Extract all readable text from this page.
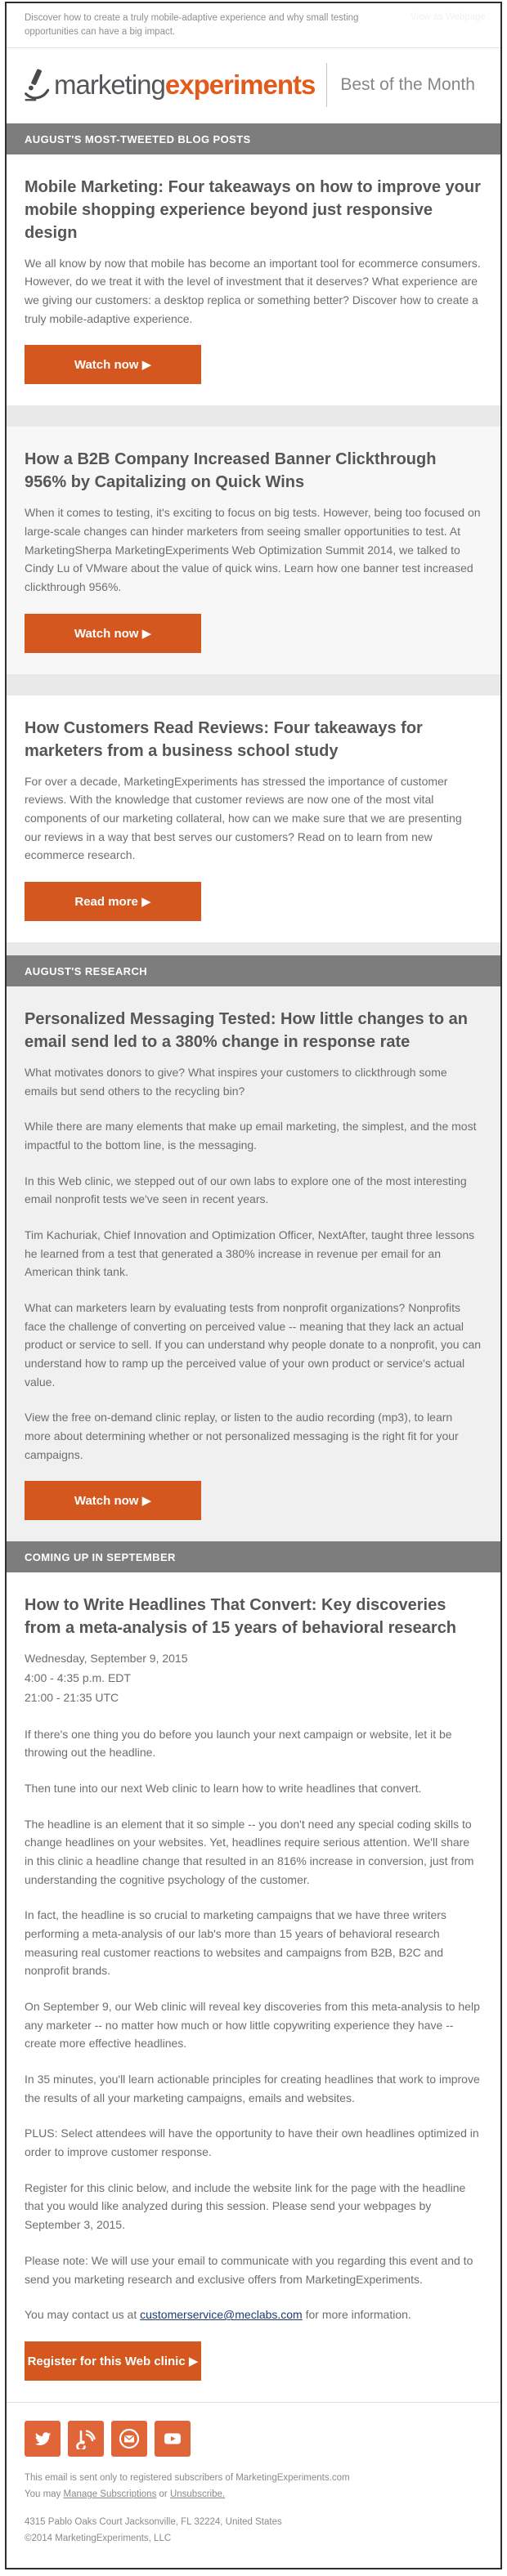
Discover how to create a truly mobile-adaptive experience and why small testing opportunities can have a big impact.
View as Webpage
marketingexperiments Best of the Month
AUGUST'S MOST-TWEETED BLOG POSTS
Mobile Marketing: Four takeaways on how to improve your mobile shopping experience beyond just responsive design

We all know by now that mobile has become an important tool for ecommerce consumers. However, do we treat it with the level of investment that it deserves? What experience are we giving our customers: a desktop replica or something better? Discover how to create a truly mobile-adaptive experience.

Watch now ▶
How a B2B Company Increased Banner Clickthrough 956% by Capitalizing on Quick Wins

When it comes to testing, it's exciting to focus on big tests. However, being too focused on large-scale changes can hinder marketers from seeing smaller opportunities to test. At MarketingSherpa MarketingExperiments Web Optimization Summit 2014, we talked to Cindy Lu of VMware about the value of quick wins. Learn how one banner test increased clickthrough 956%.

Watch now ▶
How Customers Read Reviews: Four takeaways for marketers from a business school study

For over a decade, MarketingExperiments has stressed the importance of customer reviews. With the knowledge that customer reviews are now one of the most vital components of our marketing collateral, how can we make sure that we are presenting our reviews in a way that best serves our customers? Read on to learn from new ecommerce research.

Read more ▶
AUGUST'S RESEARCH
Personalized Messaging Tested: How little changes to an email send led to a 380% change in response rate

What motivates donors to give? What inspires your customers to clickthrough some emails but send others to the recycling bin?

While there are many elements that make up email marketing, the simplest, and the most impactful to the bottom line, is the messaging.

In this Web clinic, we stepped out of our own labs to explore one of the most interesting email nonprofit tests we've seen in recent years.

Tim Kachuriak, Chief Innovation and Optimization Officer, NextAfter, taught three lessons he learned from a test that generated a 380% increase in revenue per email for an American think tank.

What can marketers learn by evaluating tests from nonprofit organizations? Nonprofits face the challenge of converting on perceived value -- meaning that they lack an actual product or service to sell. If you can understand why people donate to a nonprofit, you can understand how to ramp up the perceived value of your own product or service's actual value.

View the free on-demand clinic replay, or listen to the audio recording (mp3), to learn more about determining whether or not personalized messaging is the right fit for your campaigns.

Watch now ▶
COMING UP IN SEPTEMBER
How to Write Headlines That Convert: Key discoveries from a meta-analysis of 15 years of behavioral research

Wednesday, September 9, 2015

4:00 - 4:35 p.m. EDT

21:00 - 21:35 UTC

If there's one thing you do before you launch your next campaign or website, let it be throwing out the headline.

Then tune into our next Web clinic to learn how to write headlines that convert.

The headline is an element that it so simple -- you don't need any special coding skills to change headlines on your websites. Yet, headlines require serious attention. We'll share in this clinic a headline change that resulted in an 816% increase in conversion, just from understanding the cognitive psychology of the customer.

In fact, the headline is so crucial to marketing campaigns that we have three writers performing a meta-analysis of our lab's more than 15 years of behavioral research measuring real customer reactions to websites and campaigns from B2B, B2C and nonprofit brands.

On September 9, our Web clinic will reveal key discoveries from this meta-analysis to help any marketer -- no matter how much or how little copywriting experience they have -- create more effective headlines.

In 35 minutes, you'll learn actionable principles for creating headlines that work to improve the results of all your marketing campaigns, emails and websites.

PLUS: Select attendees will have the opportunity to have their own headlines optimized in order to improve customer response.

Register for this clinic below, and include the website link for the page with the headline that you would like analyzed during this session. Please send your webpages by September 3, 2015.

Please note: We will use your email to communicate with you regarding this event and to send you marketing research and exclusive offers from MarketingExperiments.

You may contact us at customerservice@meclabs.com for more information.

Register for this Web clinic ▶
This email is sent only to registered subscribers of MarketingExperiments.com
You may Manage Subscriptions or Unsubscribe.
4315 Pablo Oaks Court Jacksonville, FL 32224, United States
©2014 MarketingExperiments, LLC
